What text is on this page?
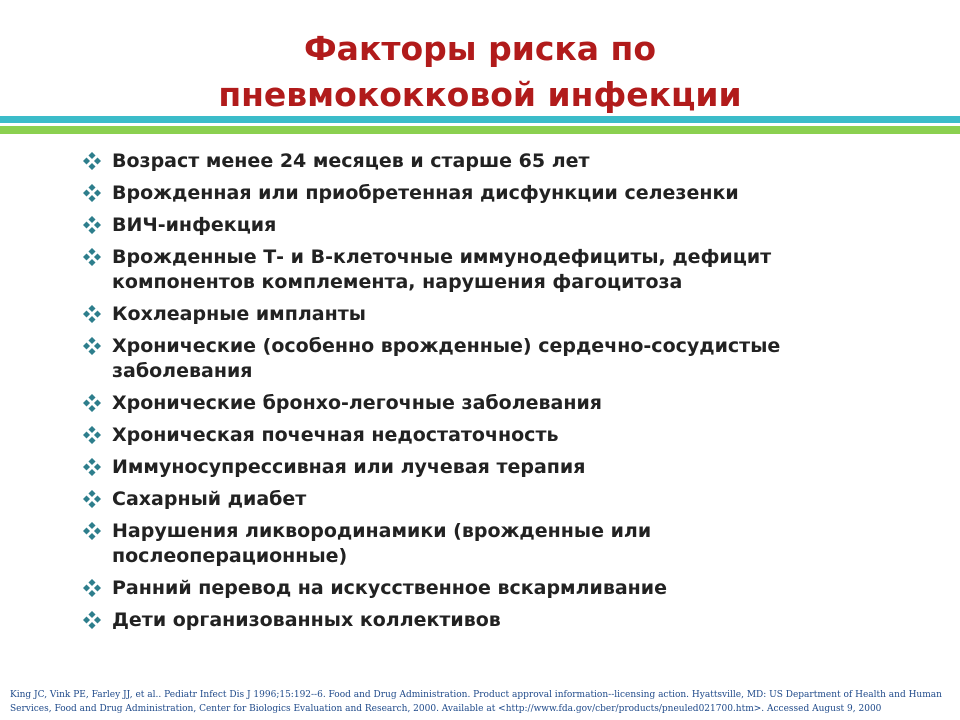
Факторы риска по
пневмококковой инфекции
Возраст менее 24 месяцев и старше 65 лет
Врожденная или приобретенная дисфункции селезенки
ВИЧ-инфекция
Врожденные Т- и В-клеточные иммунодефициты, дефицит
компонентов комплемента, нарушения фагоцитоза
Кохлеарные импланты
Хронические (особенно врожденные) сердечно-сосудистые
заболевания
Хронические бронхо-легочные заболевания
Хроническая почечная недостаточность
Иммуносупрессивная или лучевая терапия
Сахарный диабет
Нарушения ликвородинамики (врожденные или
послеоперационные)
Ранний перевод на искусственное вскармливание
Дети организованных коллективов
King JC, Vink PE, Farley JJ, et al.. Pediatr Infect Dis J 1996;15:192--6. Food and Drug Administration. Product approval information--licensing action. Hyattsville, MD: US Department of Health and Human
Services, Food and Drug Administration, Center for Biologics Evaluation and Research, 2000. Available at <http://www.fda.gov/cber/products/pneuled021700.htm>. Accessed August 9, 2000
